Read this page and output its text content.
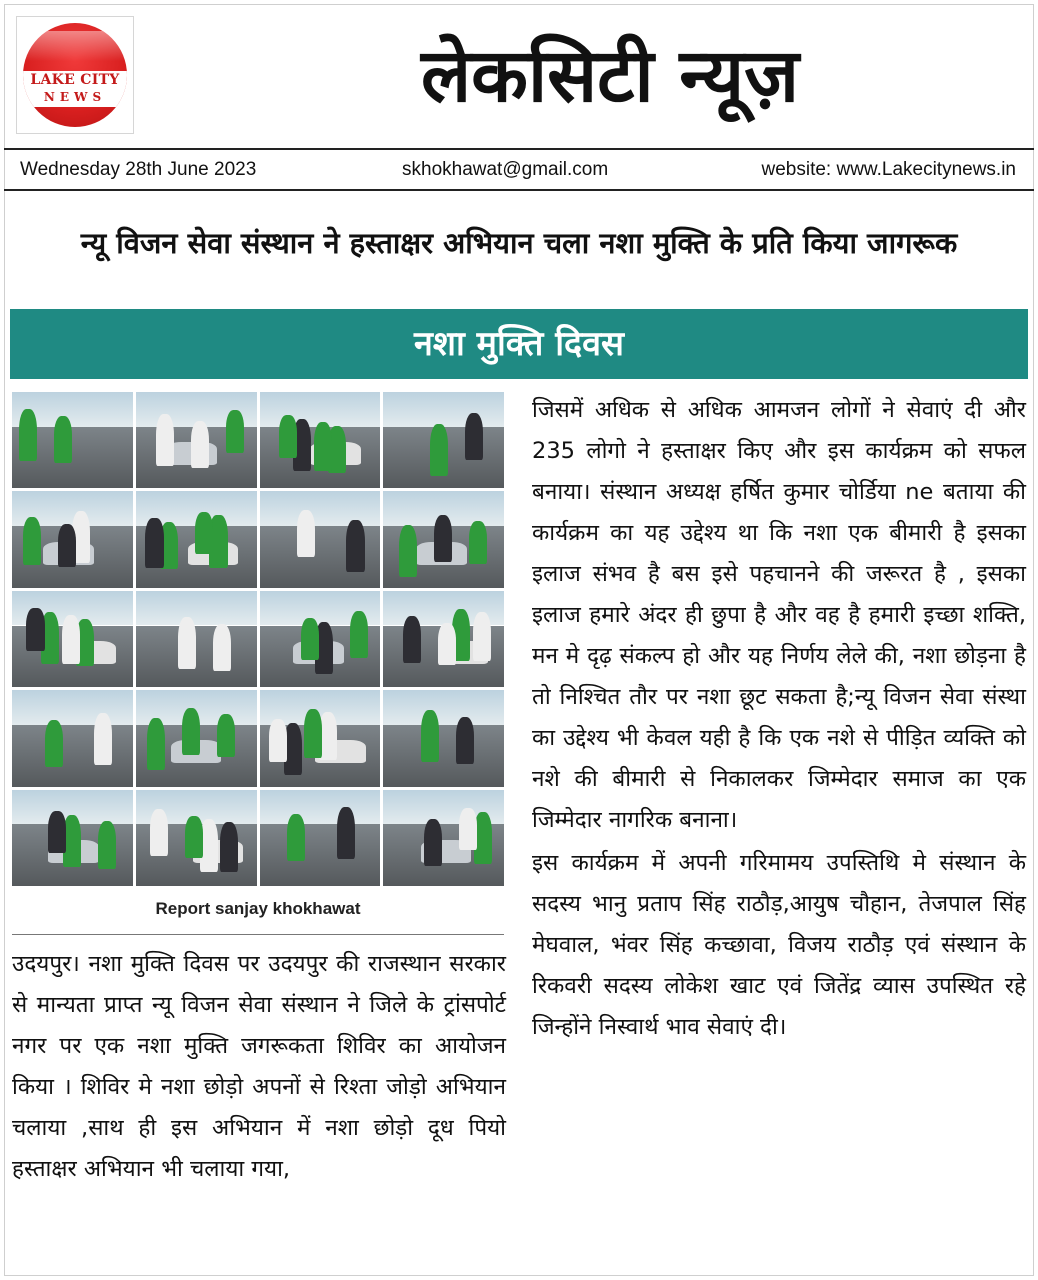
LAKE CITY
NEWS	लेकसिटी न्यूज़
Wednesday 28th June 2023	skhokhawat@gmail.com	website: www.Lakecitynews.in
न्यू विजन सेवा संस्थान ने हस्ताक्षर अभियान चला नशा मुक्ति के प्रति किया जागरूक
नशा मुक्ति दिवस
Report sanjay khokhawat

उदयपुर। नशा मुक्ति दिवस पर उदयपुर की राजस्थान सरकार से मान्यता प्राप्त न्यू विजन सेवा संस्थान ने जिले के ट्रांसपोर्ट नगर पर एक नशा मुक्ति जगरूकता शिविर का आयोजन किया । शिविर मे नशा छोड़ो अपनों से रिश्ता जोड़ो अभियान चलाया ,साथ ही इस अभियान में नशा छोड़ो दूध पियो हस्ताक्षर अभियान भी चलाया गया,

जिसमें अधिक से अधिक आमजन लोगों ने सेवाएं दी और 235 लोगो ने हस्ताक्षर किए और इस कार्यक्रम को सफल बनाया। संस्थान अध्यक्ष हर्षित कुमार चोर्डिया ne बताया की कार्यक्रम का यह उद्देश्य था कि नशा एक बीमारी है इसका इलाज संभव है बस इसे पहचानने की जरूरत है , इसका इलाज हमारे अंदर ही छुपा है और वह है हमारी इच्छा शक्ति, मन मे दृढ़ संकल्प हो और यह निर्णय लेले की, नशा छोड़ना है तो निश्चित तौर पर नशा छूट सकता है;न्यू विजन सेवा संस्था का उद्देश्य भी केवल यही है कि एक नशे से पीड़ित व्यक्ति को नशे की बीमारी से निकालकर जिम्मेदार समाज का एक जिम्मेदार नागरिक बनाना।

इस कार्यक्रम में अपनी गरिमामय उपस्तिथि मे संस्थान के सदस्य भानु प्रताप सिंह राठौड़,आयुष चौहान, तेजपाल सिंह मेघवाल, भंवर सिंह कच्छावा, विजय राठौड़ एवं संस्थान के रिकवरी सदस्य लोकेश खाट एवं जितेंद्र व्यास उपस्थित रहे जिन्होंने निस्वार्थ भाव सेवाएं दी।
